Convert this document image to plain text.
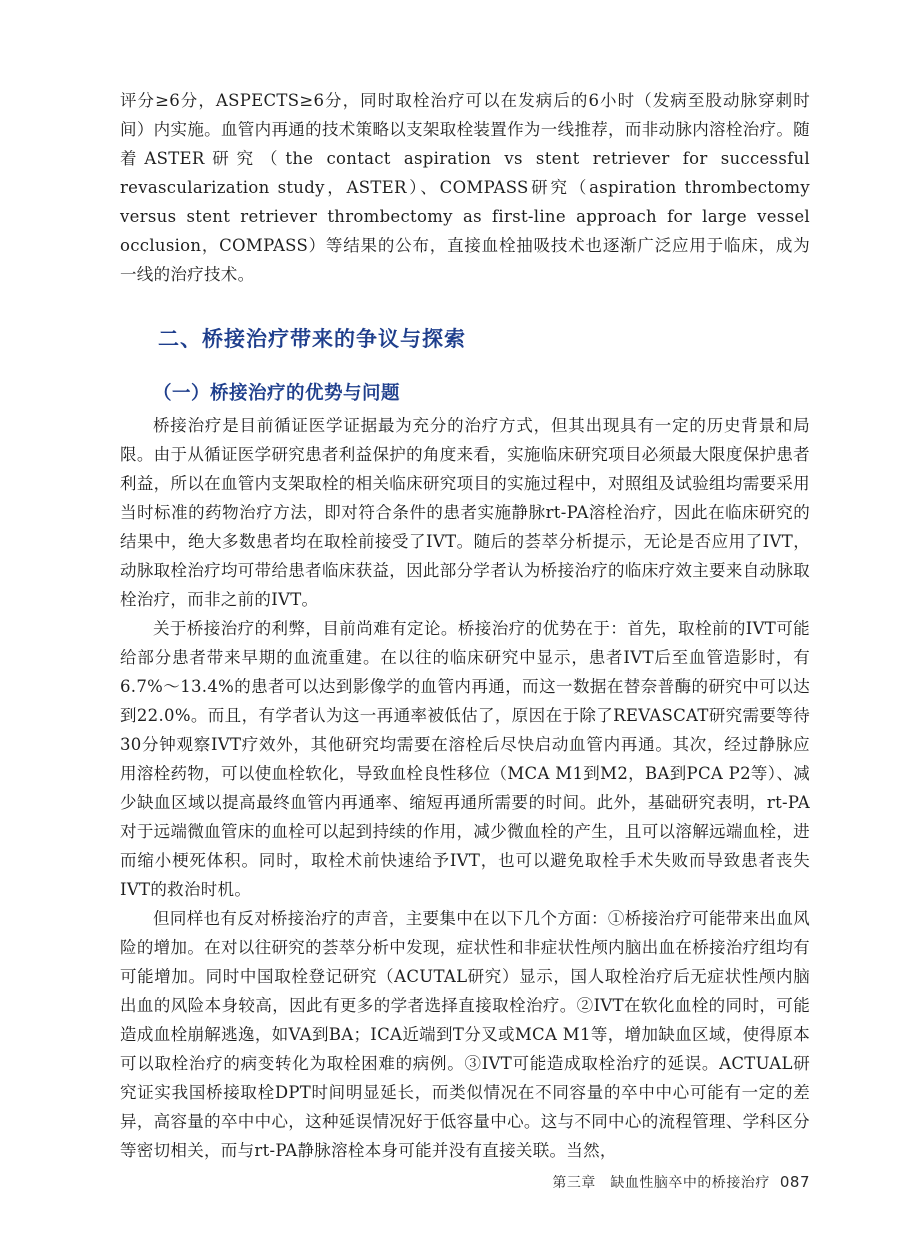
评分≥6分，ASPECTS≥6分，同时取栓治疗可以在发病后的6小时（发病至股动脉穿刺时间）内实施。血管内再通的技术策略以支架取栓装置作为一线推荐，而非动脉内溶栓治疗。随着ASTER研究（the contact aspiration vs stent retriever for successful revascularization study，ASTER）、COMPASS研究（aspiration thrombectomy versus stent retriever thrombectomy as first-line approach for large vessel occlusion，COMPASS）等结果的公布，直接血栓抽吸技术也逐渐广泛应用于临床，成为一线的治疗技术。

二、桥接治疗带来的争议与探索
（一）桥接治疗的优势与问题

桥接治疗是目前循证医学证据最为充分的治疗方式，但其出现具有一定的历史背景和局限。由于从循证医学研究患者利益保护的角度来看，实施临床研究项目必须最大限度保护患者利益，所以在血管内支架取栓的相关临床研究项目的实施过程中，对照组及试验组均需要采用当时标准的药物治疗方法，即对符合条件的患者实施静脉rt-PA溶栓治疗，因此在临床研究的结果中，绝大多数患者均在取栓前接受了IVT。随后的荟萃分析提示，无论是否应用了IVT，动脉取栓治疗均可带给患者临床获益，因此部分学者认为桥接治疗的临床疗效主要来自动脉取栓治疗，而非之前的IVT。

关于桥接治疗的利弊，目前尚难有定论。桥接治疗的优势在于：首先，取栓前的IVT可能给部分患者带来早期的血流重建。在以往的临床研究中显示，患者IVT后至血管造影时，有6.7%～13.4%的患者可以达到影像学的血管内再通，而这一数据在替奈普酶的研究中可以达到22.0%。而且，有学者认为这一再通率被低估了，原因在于除了REVASCAT研究需要等待30分钟观察IVT疗效外，其他研究均需要在溶栓后尽快启动血管内再通。其次，经过静脉应用溶栓药物，可以使血栓软化，导致血栓良性移位（MCA M1到M2，BA到PCA P2等）、减少缺血区域以提高最终血管内再通率、缩短再通所需要的时间。此外，基础研究表明，rt-PA对于远端微血管床的血栓可以起到持续的作用，减少微血栓的产生，且可以溶解远端血栓，进而缩小梗死体积。同时，取栓术前快速给予IVT，也可以避免取栓手术失败而导致患者丧失IVT的救治时机。

但同样也有反对桥接治疗的声音，主要集中在以下几个方面：①桥接治疗可能带来出血风险的增加。在对以往研究的荟萃分析中发现，症状性和非症状性颅内脑出血在桥接治疗组均有可能增加。同时中国取栓登记研究（ACUTAL研究）显示，国人取栓治疗后无症状性颅内脑出血的风险本身较高，因此有更多的学者选择直接取栓治疗。②IVT在软化血栓的同时，可能造成血栓崩解逃逸，如VA到BA；ICA近端到T分叉或MCA M1等，增加缺血区域，使得原本可以取栓治疗的病变转化为取栓困难的病例。③IVT可能造成取栓治疗的延误。ACTUAL研究证实我国桥接取栓DPT时间明显延长，而类似情况在不同容量的卒中中心可能有一定的差异，高容量的卒中中心，这种延误情况好于低容量中心。这与不同中心的流程管理、学科区分等密切相关，而与rt-PA静脉溶栓本身可能并没有直接关联。当然，

第三章　缺血性脑卒中的桥接治疗 087
